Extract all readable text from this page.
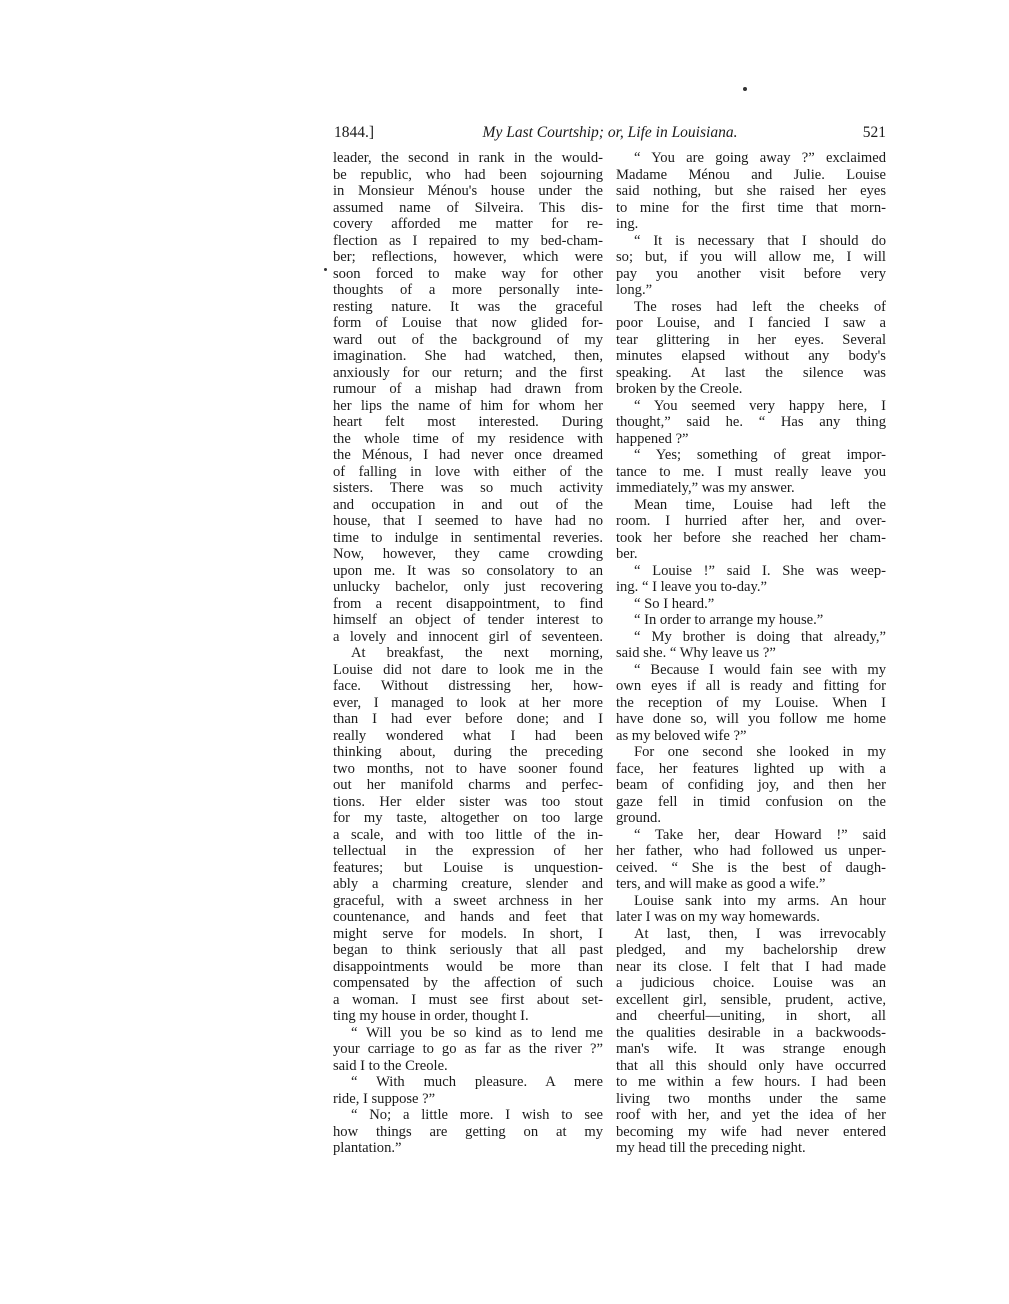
1844.]	My Last Courtship; or, Life in Louisiana.	521
leader, the second in rank in the would-
be republic, who had been sojourning
in Monsieur Ménou's house under the
assumed name of Silveira. This dis-
covery afforded me matter for re-
flection as I repaired to my bed-cham-
ber; reflections, however, which were
soon forced to make way for other
thoughts of a more personally inte-
resting nature. It was the graceful
form of Louise that now glided for-
ward out of the background of my
imagination. She had watched, then,
anxiously for our return; and the first
rumour of a mishap had drawn from
her lips the name of him for whom her
heart felt most interested. During
the whole time of my residence with
the Ménous, I had never once dreamed
of falling in love with either of the
sisters. There was so much activity
and occupation in and out of the
house, that I seemed to have had no
time to indulge in sentimental reveries.
Now, however, they came crowding
upon me. It was so consolatory to an
unlucky bachelor, only just recovering
from a recent disappointment, to find
himself an object of tender interest to
a lovely and innocent girl of seventeen.
At breakfast, the next morning,
Louise did not dare to look me in the
face. Without distressing her, how-
ever, I managed to look at her more
than I had ever before done; and I
really wondered what I had been
thinking about, during the preceding
two months, not to have sooner found
out her manifold charms and perfec-
tions. Her elder sister was too stout
for my taste, altogether on too large
a scale, and with too little of the in-
tellectual in the expression of her
features; but Louise is unquestion-
ably a charming creature, slender and
graceful, with a sweet archness in her
countenance, and hands and feet that
might serve for models. In short, I
began to think seriously that all past
disappointments would be more than
compensated by the affection of such
a woman. I must see first about set-
ting my house in order, thought I.
“ Will you be so kind as to lend me
your carriage to go as far as the river ?”
said I to the Creole.
“ With much pleasure. A mere
ride, I suppose ?”
“ No; a little more. I wish to see
how things are getting on at my
plantation.”
“ You are going away ?” exclaimed
Madame Ménou and Julie. Louise
said nothing, but she raised her eyes
to mine for the first time that morn-
ing.
“ It is necessary that I should do
so; but, if you will allow me, I will
pay you another visit before very
long.”
The roses had left the cheeks of
poor Louise, and I fancied I saw a
tear glittering in her eyes. Several
minutes elapsed without any body's
speaking. At last the silence was
broken by the Creole.
“ You seemed very happy here, I
thought,” said he. “ Has any thing
happened ?”
“ Yes; something of great impor-
tance to me. I must really leave you
immediately,” was my answer.
Mean time, Louise had left the
room. I hurried after her, and over-
took her before she reached her cham-
ber.
“ Louise !” said I. She was weep-
ing. “ I leave you to-day.”
“ So I heard.”
“ In order to arrange my house.”
“ My brother is doing that already,”
said she. “ Why leave us ?”
“ Because I would fain see with my
own eyes if all is ready and fitting for
the reception of my Louise. When I
have done so, will you follow me home
as my beloved wife ?”
For one second she looked in my
face, her features lighted up with a
beam of confiding joy, and then her
gaze fell in timid confusion on the
ground.
“ Take her, dear Howard !” said
her father, who had followed us unper-
ceived. “ She is the best of daugh-
ters, and will make as good a wife.”
Louise sank into my arms. An hour
later I was on my way homewards.
At last, then, I was irrevocably
pledged, and my bachelorship drew
near its close. I felt that I had made
a judicious choice. Louise was an
excellent girl, sensible, prudent, active,
and cheerful—uniting, in short, all
the qualities desirable in a backwoods-
man's wife. It was strange enough
that all this should only have occurred
to me within a few hours. I had been
living two months under the same
roof with her, and yet the idea of her
becoming my wife had never entered
my head till the preceding night.
